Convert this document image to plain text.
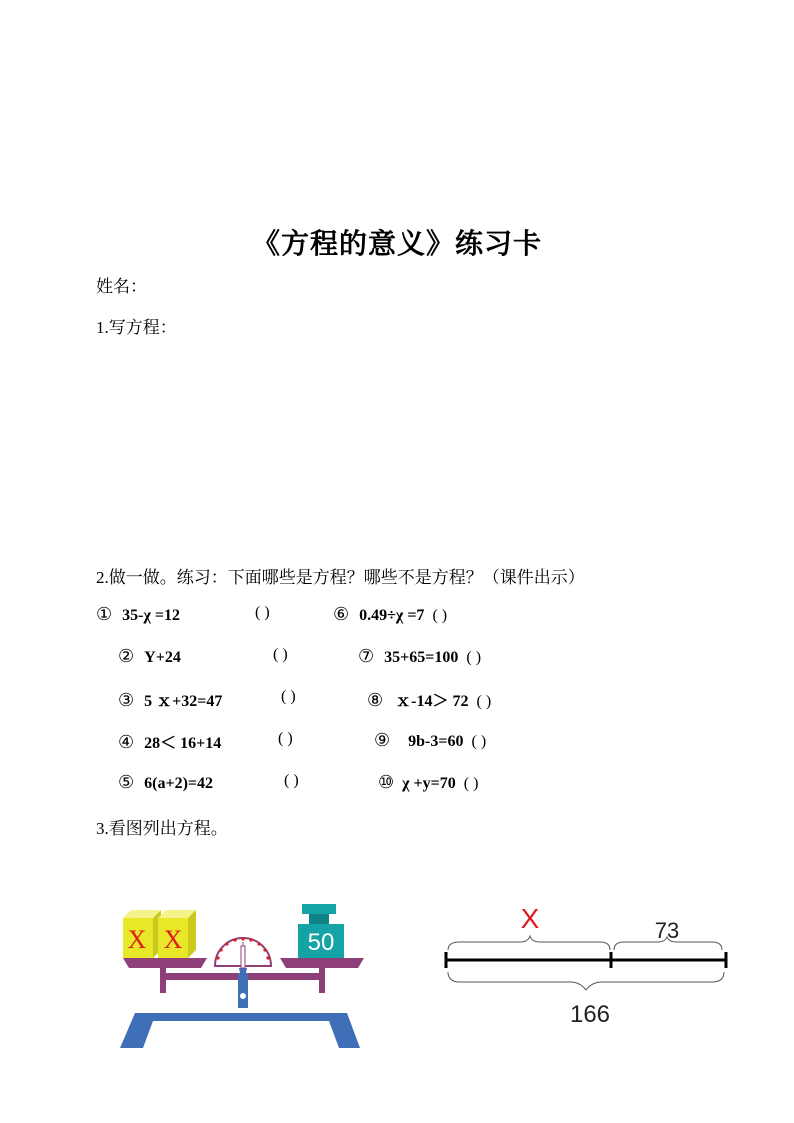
《方程的意义》练习卡
姓名：
1.写方程：
2.做一做。练习：下面哪些是方程？哪些不是方程？（课件出示）
① 35-χ =12	( )	⑥ 0.49÷χ =7 ( )
② Y+24	( )	⑦ 35+65=100 ( )
③ 5 ｘ+32=47	( )	⑧ ｘ-14＞ 72 ( )
④ 28＜ 16+14	( )	⑨ 9b-3=60 ( )
⑤ 6(a+2)=42	( )	⑩ χ +y=70 ( )
3.看图列出方程。
X X	50
X	73
166
